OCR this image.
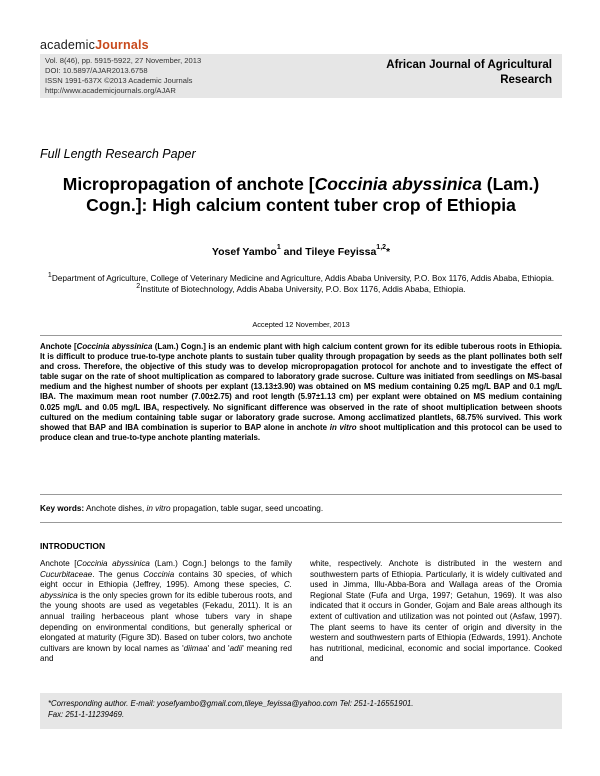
academicJournals
Vol. 8(46), pp. 5915-5922, 27 November, 2013
DOI: 10.5897/AJAR2013.6758
ISSN 1991-637X ©2013 Academic Journals
http://www.academicjournals.org/AJAR
African Journal of Agricultural
Research
Full Length Research Paper
Micropropagation of anchote [Coccinia abyssinica (Lam.) Cogn.]: High calcium content tuber crop of Ethiopia
Yosef Yambo$^1$ and Tileye Feyissa$^{1,2}$*
$^1$Department of Agriculture, College of Veterinary Medicine and Agriculture, Addis Ababa University, P.O. Box 1176, Addis Ababa, Ethiopia.
$^2$Institute of Biotechnology, Addis Ababa University, P.O. Box 1176, Addis Ababa, Ethiopia.
Accepted 12 November, 2013

Anchote [Coccinia abyssinica (Lam.) Cogn.] is an endemic plant with high calcium content grown for its edible tuberous roots in Ethiopia. It is difficult to produce true-to-type anchote plants to sustain tuber quality through propagation by seeds as the plant pollinates both self and cross. Therefore, the objective of this study was to develop micropropagation protocol for anchote and to investigate the effect of table sugar on the rate of shoot multiplication as compared to laboratory grade sucrose. Culture was initiated from seedlings on MS-basal medium and the highest number of shoots per explant (13.13±3.90) was obtained on MS medium containing 0.25 mg/L BAP and 0.1 mg/L IBA. The maximum mean root number (7.00±2.75) and root length (5.97±1.13 cm) per explant were obtained on MS medium containing 0.025 mg/L and 0.05 mg/L IBA, respectively. No significant difference was observed in the rate of shoot multiplication between shoots cultured on the medium containing table sugar or laboratory grade sucrose. Among acclimatized plantlets, 68.75% survived. This work showed that BAP and IBA combination is superior to BAP alone in anchote in vitro shoot multiplication and this protocol can be used to produce clean and true-to-type anchote planting materials.

Key words: Anchote dishes, in vitro propagation, table sugar, seed uncoating.
INTRODUCTION

Anchote [Coccinia abyssinica (Lam.) Cogn.] belongs to the family Cucurbitaceae. The genus Coccinia contains 30 species, of which eight occur in Ethiopia (Jeffrey, 1995). Among these species, C. abyssinica is the only species grown for its edible tuberous roots, and the young shoots are used as vegetables (Fekadu, 2011). It is an annual trailing herbaceous plant whose tubers vary in shape depending on environmental conditions, but generally spherical or elongated at maturity (Figure 3D). Based on tuber colors, two anchote cultivars are known by local names as 'diimaa' and 'adii' meaning red and

white, respectively. Anchote is distributed in the western and southwestern parts of Ethiopia. Particularly, it is widely cultivated and used in Jimma, Illu-Abba-Bora and Wallaga areas of the Oromia Regional State (Fufa and Urga, 1997; Getahun, 1969). It was also indicated that it occurs in Gonder, Gojam and Bale areas although its extent of cultivation and utilization was not pointed out (Asfaw, 1997). The plant seems to have its center of origin and diversity in the western and southwestern parts of Ethiopia (Edwards, 1991). Anchote has nutritional, medicinal, economic and social importance. Cooked and

*Corresponding author. E-mail: yosefyambo@gmail.com,tileye_feyissa@yahoo.com Tel: 251-1-16551901.
Fax: 251-1-11239469.
